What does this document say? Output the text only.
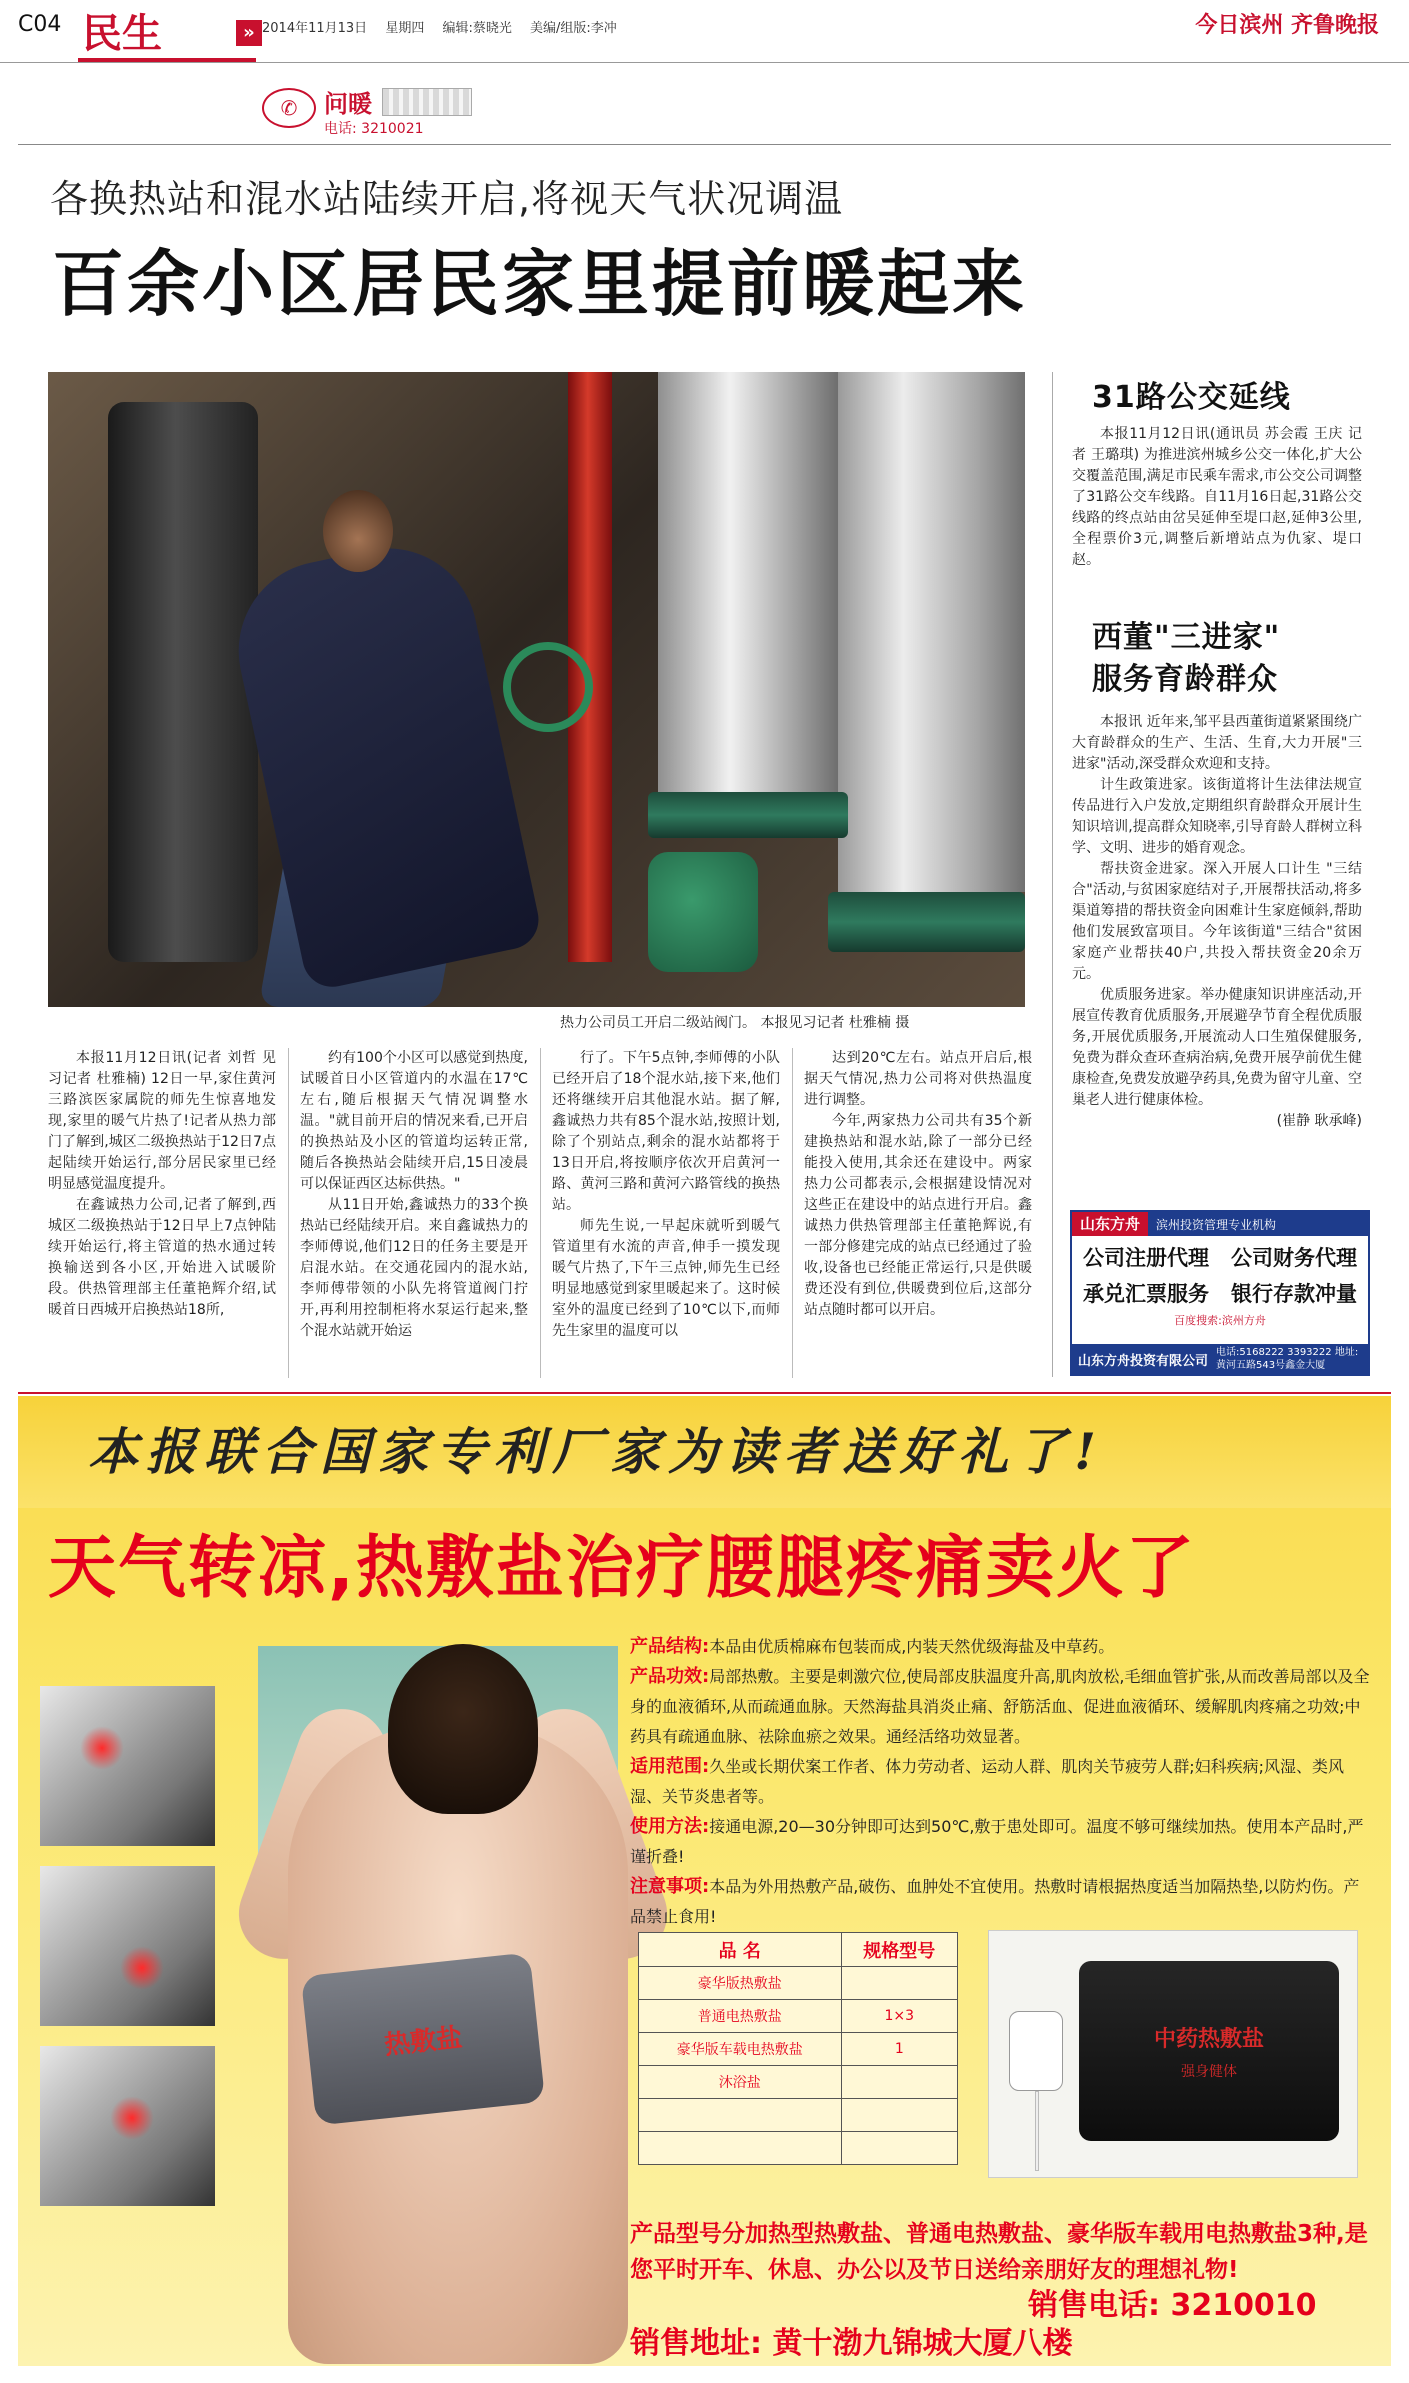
C04 民生	» 2014年11月13日 星期四 编辑:蔡晓光 美编/组版:李冲	今日滨州 齐鲁晚报
✆	问暖
电话: 3210021
各换热站和混水站陆续开启,将视天气状况调温
百余小区居民家里提前暖起来
热力公司员工开启二级站阀门。 本报见习记者 杜雅楠 摄

本报11月12日讯(记者 刘哲 见习记者 杜雅楠) 12日一早,家住黄河三路滨医家属院的师先生惊喜地发现,家里的暖气片热了!记者从热力部门了解到,城区二级换热站于12日7点起陆续开始运行,部分居民家里已经明显感觉温度提升。

在鑫诚热力公司,记者了解到,西城区二级换热站于12日早上7点钟陆续开始运行,将主管道的热水通过转换输送到各小区,开始进入试暖阶段。供热管理部主任董艳辉介绍,试暖首日西城开启换热站18所,

约有100个小区可以感觉到热度,试暖首日小区管道内的水温在17℃左右,随后根据天气情况调整水温。"就目前开启的情况来看,已开启的换热站及小区的管道均运转正常,随后各换热站会陆续开启,15日凌晨可以保证西区达标供热。"

从11日开始,鑫诚热力的33个换热站已经陆续开启。来自鑫诚热力的李师傅说,他们12日的任务主要是开启混水站。在交通花园内的混水站,李师傅带领的小队先将管道阀门拧开,再利用控制柜将水泵运行起来,整个混水站就开始运

行了。下午5点钟,李师傅的小队已经开启了18个混水站,接下来,他们还将继续开启其他混水站。据了解,鑫诚热力共有85个混水站,按照计划,除了个别站点,剩余的混水站都将于13日开启,将按顺序依次开启黄河一路、黄河三路和黄河六路管线的换热站。

师先生说,一早起床就听到暖气管道里有水流的声音,伸手一摸发现暖气片热了,下午三点钟,师先生已经明显地感觉到家里暖起来了。这时候室外的温度已经到了10℃以下,而师先生家里的温度可以

达到20℃左右。站点开启后,根据天气情况,热力公司将对供热温度进行调整。

今年,两家热力公司共有35个新建换热站和混水站,除了一部分已经能投入使用,其余还在建设中。两家热力公司都表示,会根据建设情况对这些正在建设中的站点进行开启。鑫诚热力供热管理部主任董艳辉说,有一部分修建完成的站点已经通过了验收,设备也已经能正常运行,只是供暖费还没有到位,供暖费到位后,这部分站点随时都可以开启。

31路公交延线

本报11月12日讯(通讯员 苏会霞 王庆 记者 王璐琪) 为推进滨州城乡公交一体化,扩大公交覆盖范围,满足市民乘车需求,市公交公司调整了31路公交车线路。自11月16日起,31路公交线路的终点站由岔吴延伸至堤口赵,延伸3公里,全程票价3元,调整后新增站点为仇家、堤口赵。

西董"三进家"
服务育龄群众

本报讯 近年来,邹平县西董街道紧紧围绕广大育龄群众的生产、生活、生育,大力开展"三进家"活动,深受群众欢迎和支持。

计生政策进家。该街道将计生法律法规宣传品进行入户发放,定期组织育龄群众开展计生知识培训,提高群众知晓率,引导育龄人群树立科学、文明、进步的婚育观念。

帮扶资金进家。深入开展人口计生 "三结合"活动,与贫困家庭结对子,开展帮扶活动,将多渠道筹措的帮扶资金向困难计生家庭倾斜,帮助他们发展致富项目。今年该街道"三结合"贫困家庭产业帮扶40户,共投入帮扶资金20余万元。

优质服务进家。举办健康知识讲座活动,开展宣传教育优质服务,开展避孕节育全程优质服务,开展优质服务,开展流动人口生殖保健服务,免费为群众查环查病治病,免费开展孕前优生健康检查,免费发放避孕药具,免费为留守儿童、空巢老人进行健康体检。

(崔静 耿承峰)
山东方舟	滨州投资管理专业机构
公司注册代理 公司财务代理
承兑汇票服务 银行存款冲量
百度搜索:滨州方舟
山东方舟投资有限公司
电话:5168222 3393222 地址:黄河五路543号鑫金大厦
本报联合国家专利厂家为读者送好礼了!
天气转凉,热敷盐治疗腰腿疼痛卖火了
热敷盐
产品结构:本品由优质棉麻布包装而成,内装天然优级海盐及中草药。
产品功效:局部热敷。主要是刺激穴位,使局部皮肤温度升高,肌肉放松,毛细血管扩张,从而改善局部以及全身的血液循环,从而疏通血脉。天然海盐具消炎止痛、舒筋活血、促进血液循环、缓解肌肉疼痛之功效;中药具有疏通血脉、祛除血瘀之效果。通经活络功效显著。
适用范围:久坐或长期伏案工作者、体力劳动者、运动人群、肌肉关节疲劳人群;妇科疾病;风湿、类风湿、关节炎患者等。
使用方法:接通电源,20—30分钟即可达到50℃,敷于患处即可。温度不够可继续加热。使用本产品时,严谨折叠!
注意事项:本品为外用热敷产品,破伤、血肿处不宜使用。热敷时请根据热度适当加隔热垫,以防灼伤。产品禁止食用!
品 名	规格型号
豪华版热敷盐	
普通电热敷盐	1×3
豪华版车载电热敷盐	1
沐浴盐	

中药热敷盐
强身健体
产品型号分加热型热敷盐、普通电热敷盐、豪华版车载用电热敷盐3种,是您平时开车、休息、办公以及节日送给亲朋好友的理想礼物!
销售电话: 3210010
销售地址: 黄十渤九锦城大厦八楼
